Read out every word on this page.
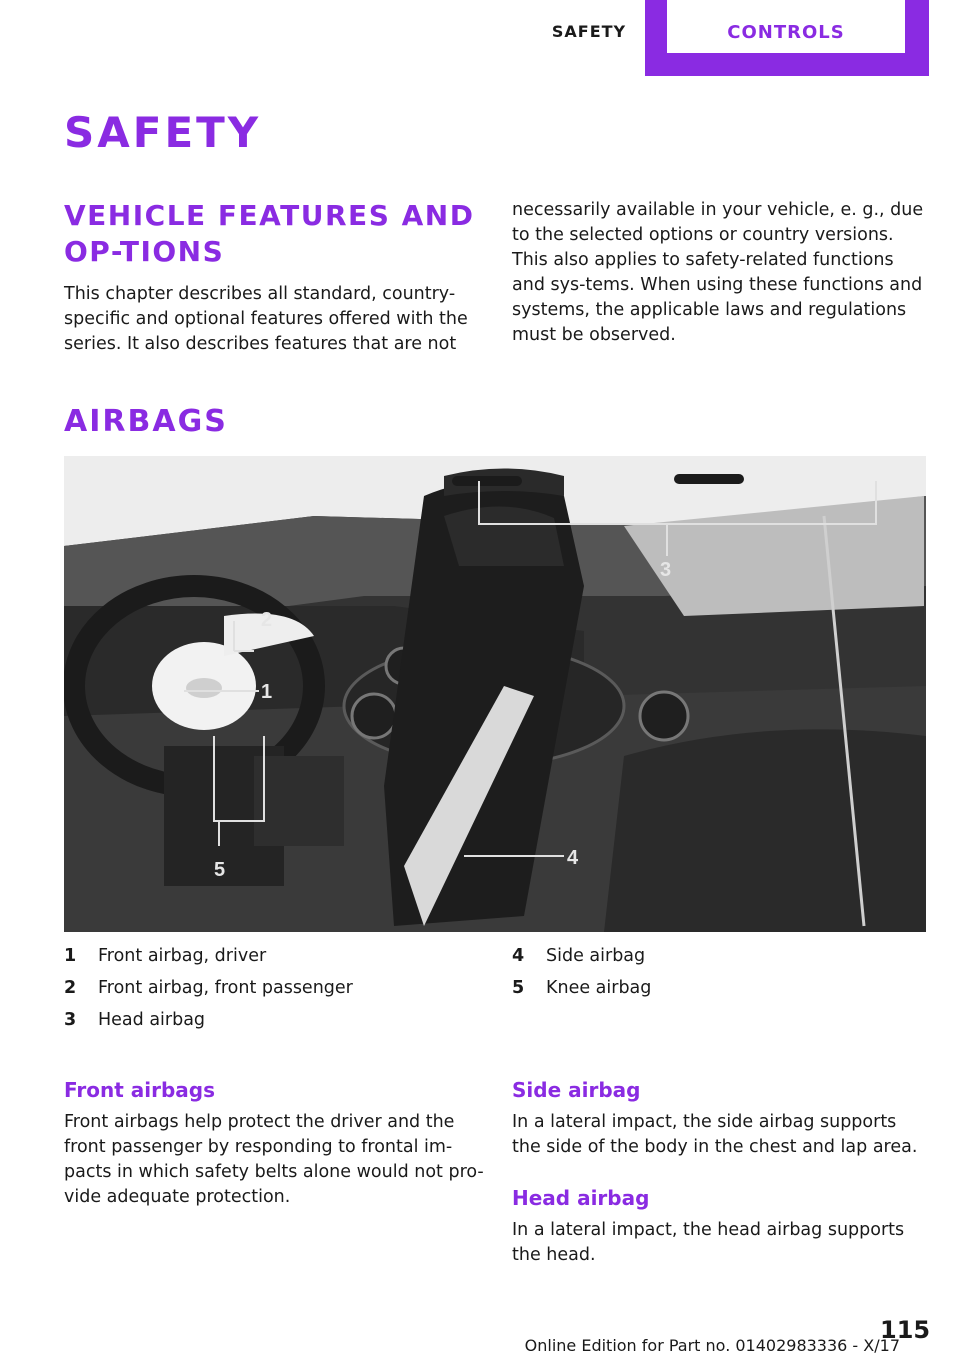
SAFETY	CONTROLS
SAFETY
VEHICLE FEATURES AND OP-TIONS

This chapter describes all standard, country-specific and optional features offered with the series. It also describes features that are not

necessarily available in your vehicle, e. g., due to the selected options or country versions. This also applies to safety-related functions and sys-tems. When using these functions and systems, the applicable laws and regulations must be observed.

AIRBAGS
1
2
3
4
5
1 Front airbag, driver
2 Front airbag, front passenger
3 Head airbag
4 Side airbag
5 Knee airbag
Front airbags

Front airbags help protect the driver and the front passenger by responding to frontal im-pacts in which safety belts alone would not pro-vide adequate protection.

Side airbag

In a lateral impact, the side airbag supports the side of the body in the chest and lap area.

Head airbag

In a lateral impact, the head airbag supports the head.

115
Online Edition for Part no. 01402983336 - X/17
